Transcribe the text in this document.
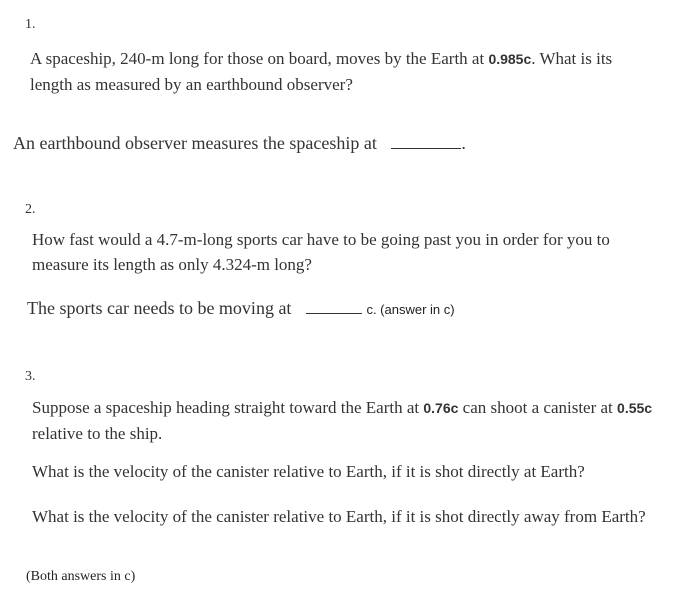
1.
A spaceship, 240-m long for those on board, moves by the Earth at 0.985c. What is its length as measured by an earthbound observer?
An earthbound observer measures the spaceship at	.
2.
How fast would a 4.7-m-long sports car have to be going past you in order for you to measure its length as only 4.324-m long?
The sports car needs to be moving at	c. (answer in c)
3.
Suppose a spaceship heading straight toward the Earth at 0.76c can shoot a canister at 0.55c relative to the ship.
What is the velocity of the canister relative to Earth, if it is shot directly at Earth?
What is the velocity of the canister relative to Earth, if it is shot directly away from Earth?
(Both answers in c)
